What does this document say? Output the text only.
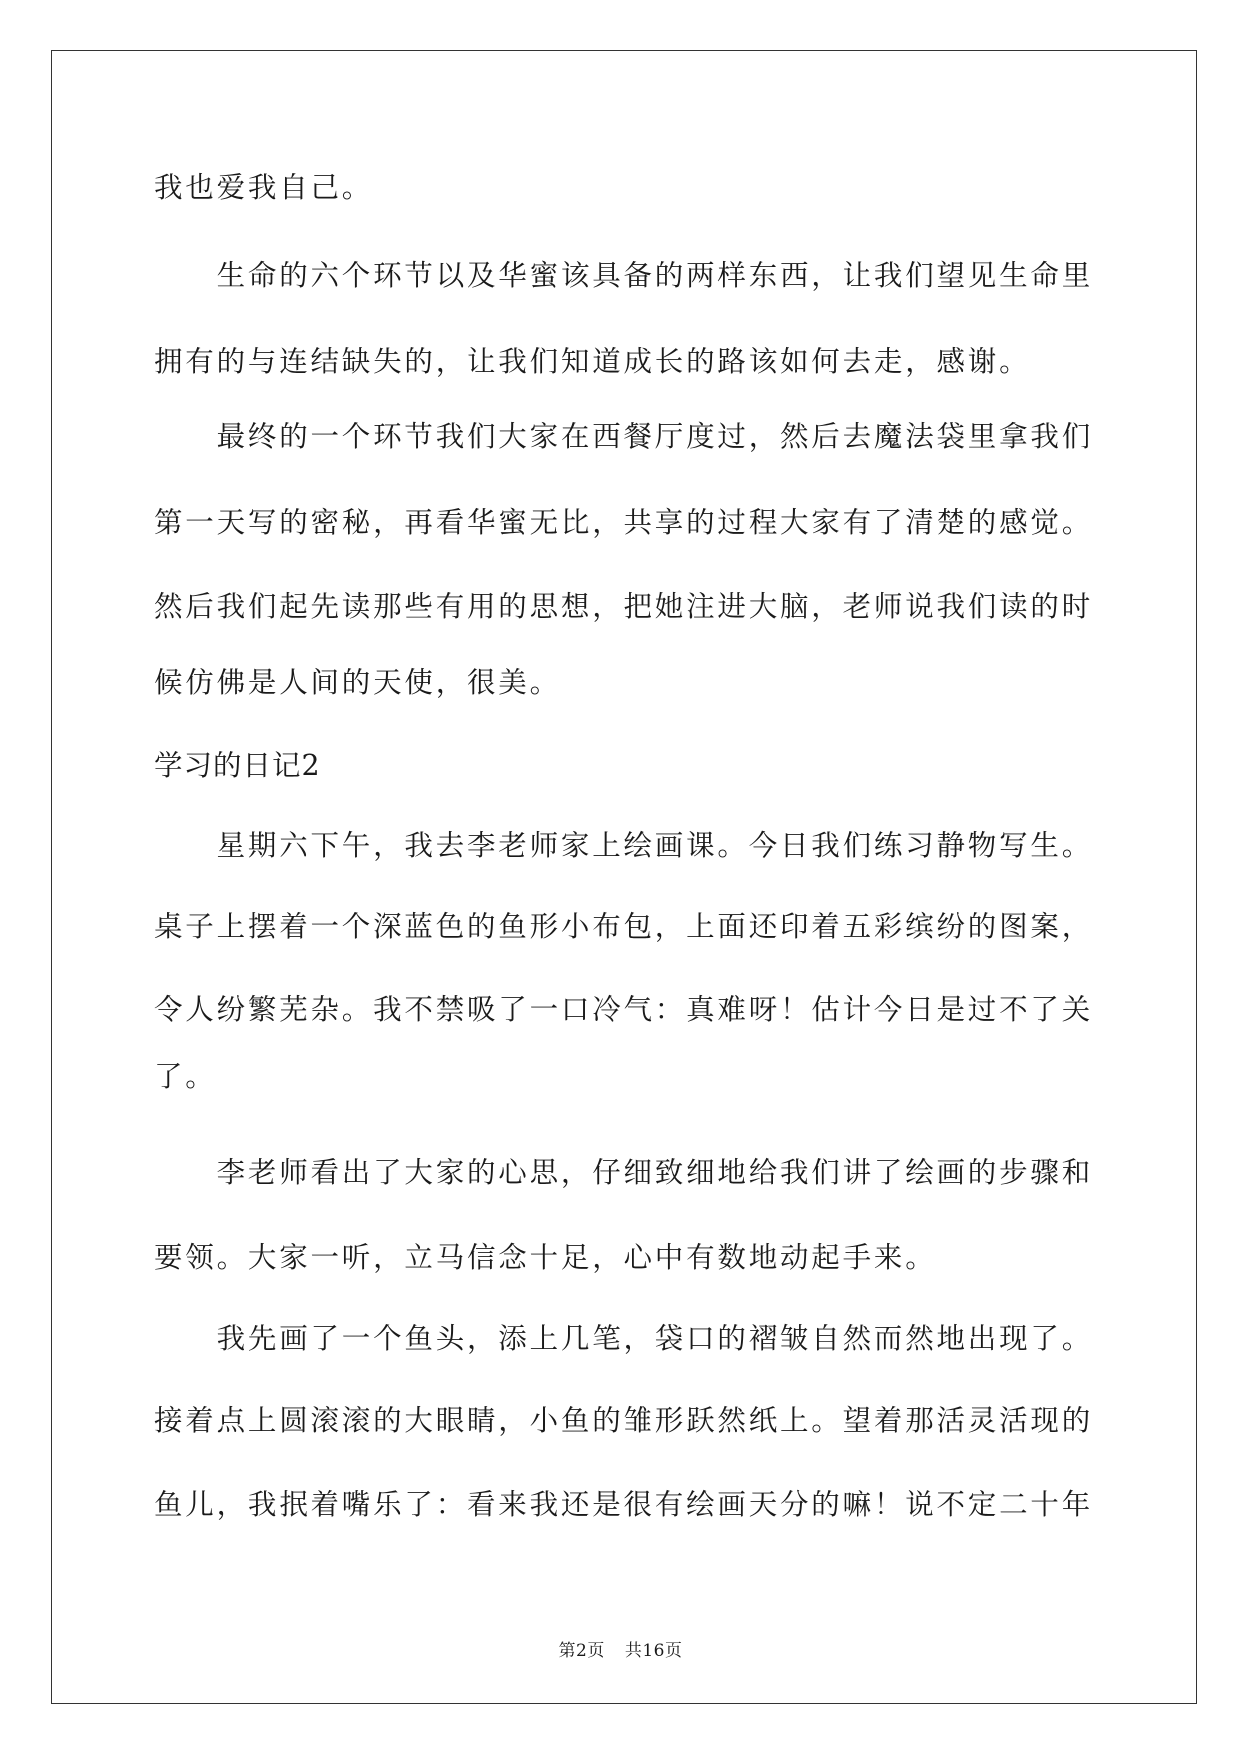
我也爱我自己。
　　生命的六个环节以及华蜜该具备的两样东西，让我们望见生命里
拥有的与连结缺失的，让我们知道成长的路该如何去走，感谢。
　　最终的一个环节我们大家在西餐厅度过，然后去魔法袋里拿我们
第一天写的密秘，再看华蜜无比，共享的过程大家有了清楚的感觉。
然后我们起先读那些有用的思想，把她注进大脑，老师说我们读的时
候仿佛是人间的天使，很美。
学习的日记2
　　星期六下午，我去李老师家上绘画课。今日我们练习静物写生。
桌子上摆着一个深蓝色的鱼形小布包，上面还印着五彩缤纷的图案，
令人纷繁芜杂。我不禁吸了一口冷气：真难呀！估计今日是过不了关
了。
　　李老师看出了大家的心思，仔细致细地给我们讲了绘画的步骤和
要领。大家一听，立马信念十足，心中有数地动起手来。
　　我先画了一个鱼头，添上几笔，袋口的褶皱自然而然地出现了。
接着点上圆滚滚的大眼睛，小鱼的雏形跃然纸上。望着那活灵活现的
鱼儿，我抿着嘴乐了：看来我还是很有绘画天分的嘛！说不定二十年
第2页 共16页
